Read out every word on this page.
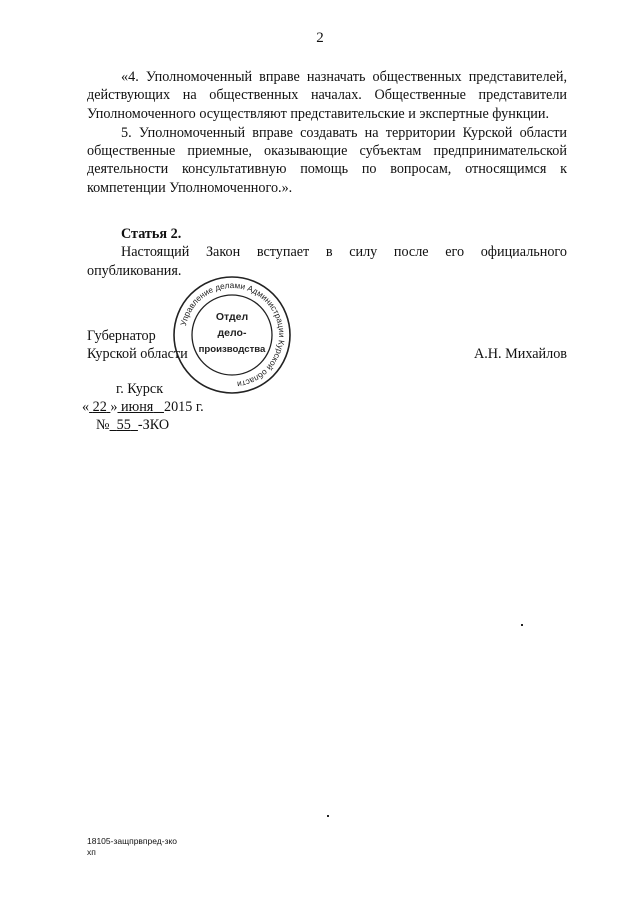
2

«4. Уполномоченный вправе назначать общественных представителей, действующих на общественных началах. Общественные представители Уполномоченного осуществляют представительские и экспертные функции.

5. Уполномоченный вправе создавать на территории Курской области общественные приемные, оказывающие субъектам предпринимательской деятельности консультативную помощь по вопросам, относящимся к компетенции Уполномоченного.».

Статья 2.

Настоящий Закон вступает в силу после его официального опубликования.

Губернатор
Курской области	А.Н. Михайлов
г. Курск
« 22 » июня 2015 г.
№ 55 -ЗКО
Управление делами Администрации Курской области
Отдел
дело-
производства
18105-защпрвпред-зко
хп
